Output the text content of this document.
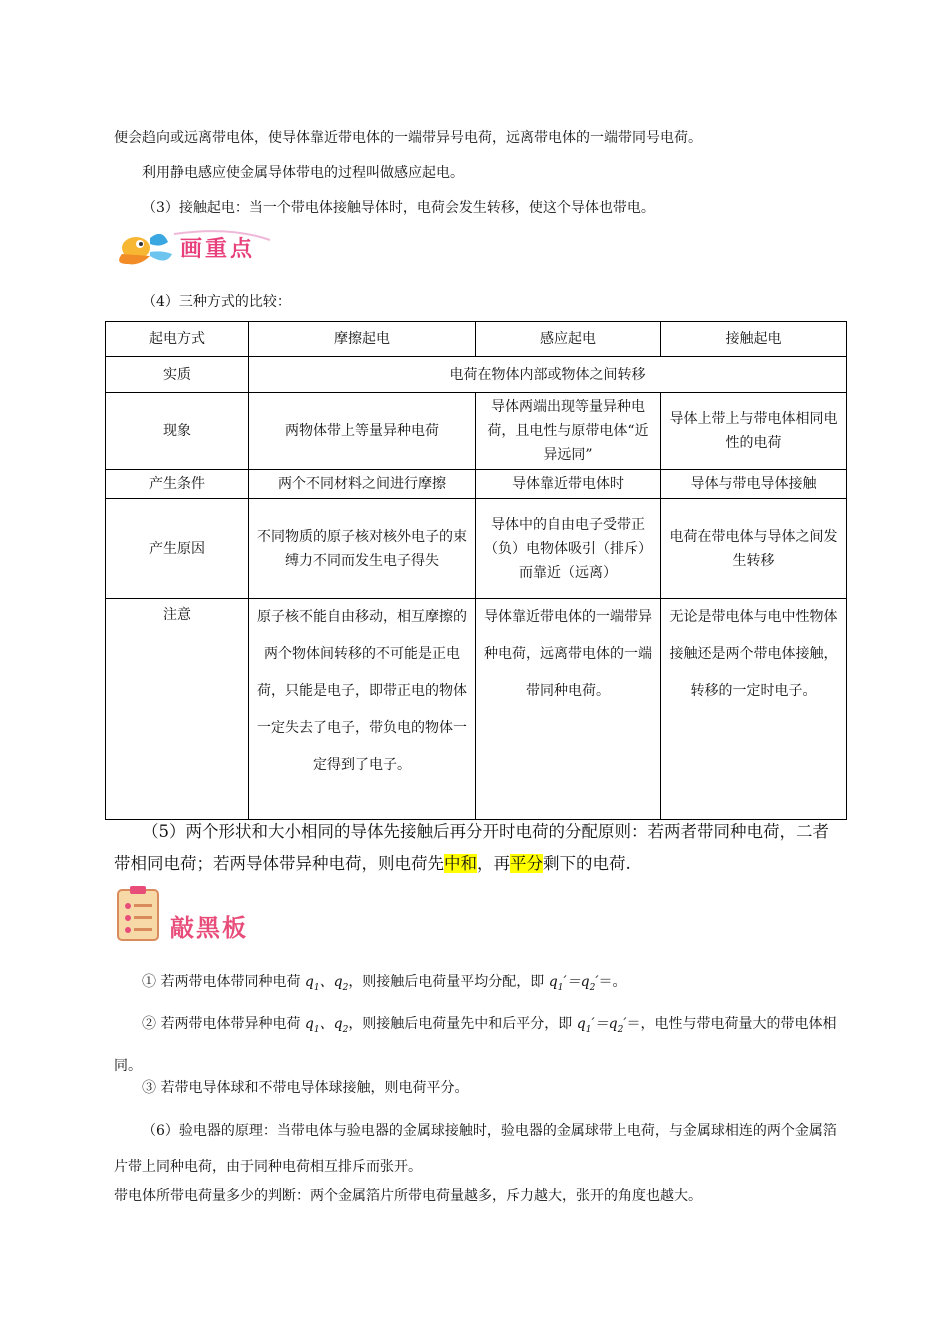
便会趋向或远离带电体，使导体靠近带电体的一端带异号电荷，远离带电体的一端带同号电荷。
利用静电感应使金属导体带电的过程叫做感应起电。
（3）接触起电：当一个带电体接触导体时，电荷会发生转移，使这个导体也带电。
画重点
（4）三种方式的比较：
起电方式	摩擦起电	感应起电	接触起电
实质	电荷在物体内部或物体之间转移		
现象	两物体带上等量异种电荷	导体两端出现等量异种电荷，且电性与原带电体“近异远同”	导体上带上与带电体相同电性的电荷
产生条件	两个不同材料之间进行摩擦	导体靠近带电体时	导体与带电导体接触
产生原因	不同物质的原子核对核外电子的束缚力不同而发生电子得失	导体中的自由电子受带正（负）电物体吸引（排斥）而靠近（远离）	电荷在带电体与导体之间发生转移
注意	原子核不能自由移动，相互摩擦的两个物体间转移的不可能是正电荷，只能是电子，即带正电的物体一定失去了电子，带负电的物体一定得到了电子。	导体靠近带电体的一端带异种电荷，远离带电体的一端带同种电荷。	无论是带电体与电中性物体接触还是两个带电体接触，转移的一定时电子。
（5）两个形状和大小相同的导体先接触后再分开时电荷的分配原则：若两者带同种电荷，二者带相同电荷；若两导体带异种电荷，则电荷先中和，再平分剩下的电荷.
敲黑板
① 若两带电体带同种电荷 $q_1$、$q_2$，则接触后电荷量平均分配，即 $q_1'=q_2'=$。
② 若两带电体带异种电荷 $q_1$、$q_2$，则接触后电荷量先中和后平分，即 $q_1'=q_2'=$，电性与带电荷量大的带电体相同。
③ 若带电导体球和不带电导体球接触，则电荷平分。
（6）验电器的原理：当带电体与验电器的金属球接触时，验电器的金属球带上电荷，与金属球相连的两个金属箔片带上同种电荷，由于同种电荷相互排斥而张开。
带电体所带电荷量多少的判断：两个金属箔片所带电荷量越多，斥力越大，张开的角度也越大。
